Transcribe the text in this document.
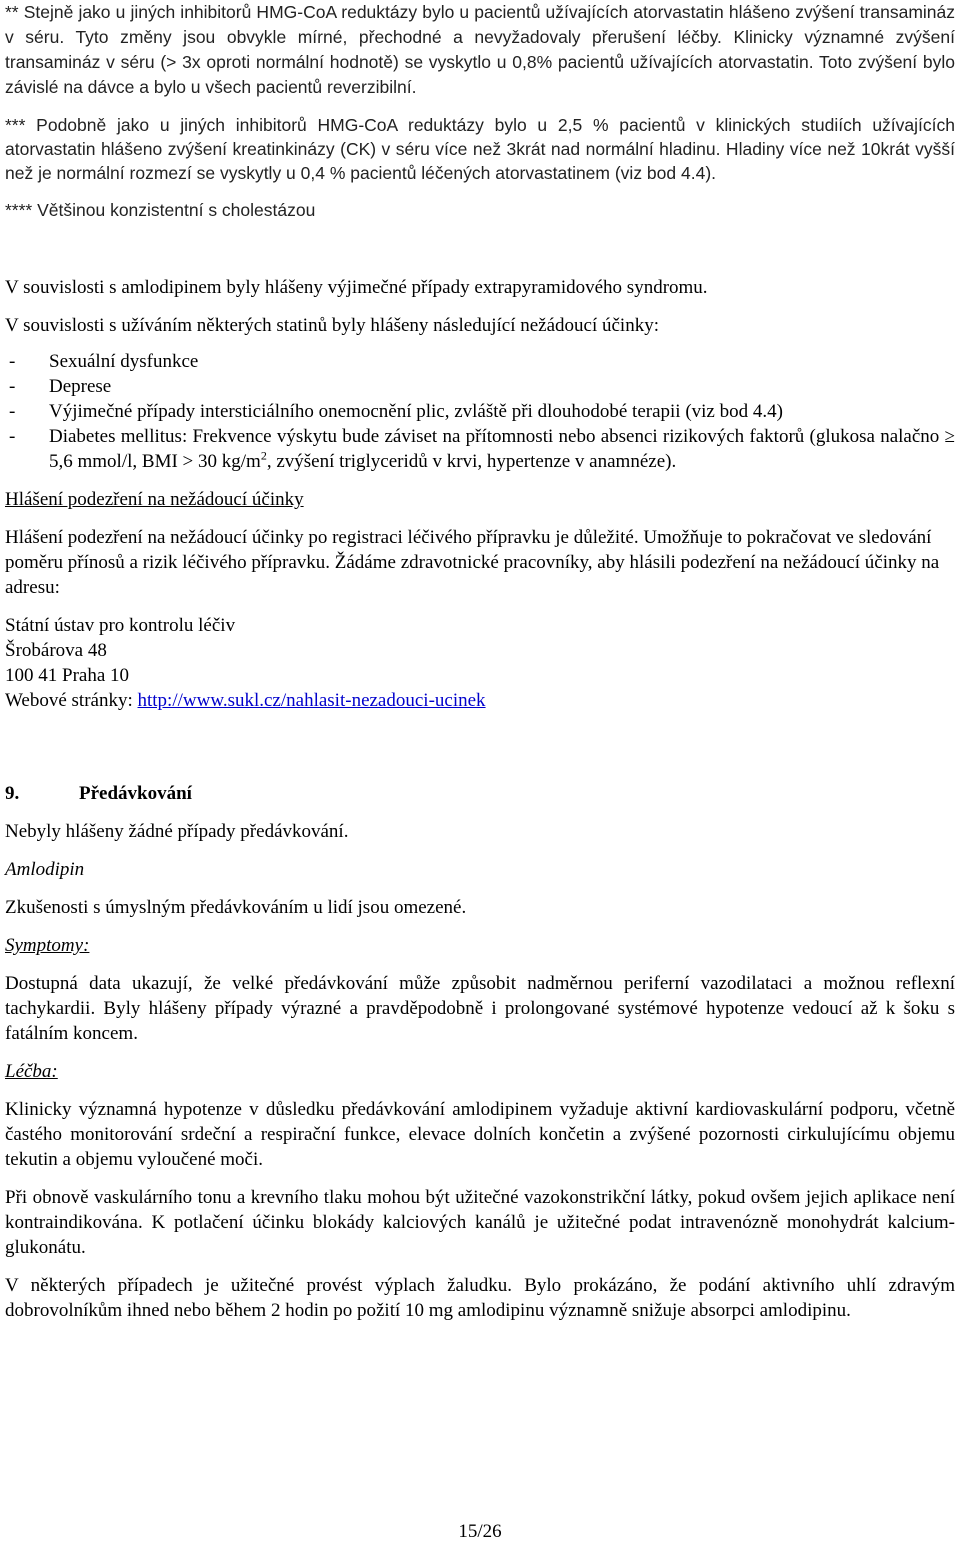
** Stejně jako u jiných inhibitorů HMG-CoA reduktázy bylo u pacientů užívajících atorvastatin hlášeno zvýšení transamináz v séru. Tyto změny jsou obvykle mírné, přechodné a nevyžadovaly přerušení léčby. Klinicky významné zvýšení transamináz v séru (> 3x oproti normální hodnotě) se vyskytlo u 0,8% pacientů užívajících atorvastatin. Toto zvýšení bylo závislé na dávce a bylo u všech pacientů reverzibilní.

*** Podobně jako u jiných inhibitorů HMG-CoA reduktázy bylo u 2,5 % pacientů v klinických studiích užívajících atorvastatin hlášeno zvýšení kreatinkinázy (CK) v séru více než 3krát nad normální hladinu. Hladiny více než 10krát vyšší než je normální rozmezí se vyskytly u 0,4 % pacientů léčených atorvastatinem (viz bod 4.4).

**** Většinou konzistentní s cholestázou

V souvislosti s amlodipinem byly hlášeny výjimečné případy extrapyramidového syndromu.

V souvislosti s užíváním některých statinů byly hlášeny následující nežádoucí účinky:

- Sexuální dysfunkce
- Deprese
- Výjimečné případy intersticiálního onemocnění plic, zvláště při dlouhodobé terapii (viz bod 4.4)
- Diabetes mellitus: Frekvence výskytu bude záviset na přítomnosti nebo absenci rizikových faktorů (glukosa nalačno ≥ 5,6 mmol/l, BMI > 30 $kg/m^2$, zvýšení triglyceridů v krvi, hypertenze v anamnéze).

Hlášení podezření na nežádoucí účinky

Hlášení podezření na nežádoucí účinky po registraci léčivého přípravku je důležité. Umožňuje to pokračovat ve sledování poměru přínosů a rizik léčivého přípravku. Žádáme zdravotnické pracovníky, aby hlásili podezření na nežádoucí účinky na adresu:

Státní ústav pro kontrolu léčiv

Šrobárova 48

100 41 Praha 10

Webové stránky: http://www.sukl.cz/nahlasit-nezadouci-ucinek

9.	Předávkování

Nebyly hlášeny žádné případy předávkování.

Amlodipin

Zkušenosti s úmyslným předávkováním u lidí jsou omezené.

Symptomy:

Dostupná data ukazují, že velké předávkování může způsobit nadměrnou periferní vazodilataci a možnou reflexní tachykardii. Byly hlášeny případy výrazné a pravděpodobně i prolongované systémové hypotenze vedoucí až k šoku s fatálním koncem.

Léčba:

Klinicky významná hypotenze v důsledku předávkování amlodipinem vyžaduje aktivní kardiovaskulární podporu, včetně častého monitorování srdeční a respirační funkce, elevace dolních končetin a zvýšené pozornosti cirkulujícímu objemu tekutin a objemu vyloučené moči.

Při obnově vaskulárního tonu a krevního tlaku mohou být užitečné vazokonstrikční látky, pokud ovšem jejich aplikace není kontraindikována. K potlačení účinku blokády kalciových kanálů je užitečné podat intravenózně monohydrát kalcium-glukonátu.

V některých případech je užitečné provést výplach žaludku. Bylo prokázáno, že podání aktivního uhlí zdravým dobrovolníkům ihned nebo během 2 hodin po požití 10 mg amlodipinu významně snižuje absorpci amlodipinu.

15/26
